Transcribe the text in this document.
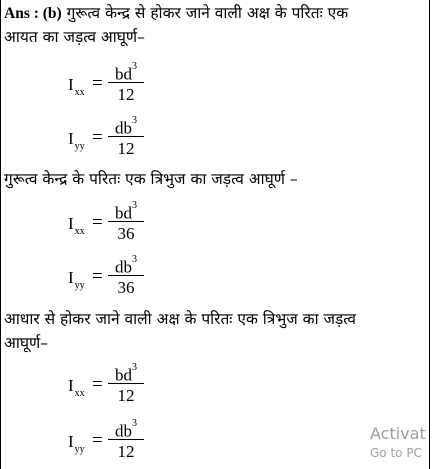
Ans : (b) गुरूत्व केन्द्र से होकर जाने वाली अक्ष के परितः एक
आयत का जड़त्व आघूर्ण–
$I_{xx} = bd^3$
12
$I_{yy} = db^3$
12
गुरूत्व केन्द्र के परितः एक त्रिभुज का जड़त्व आघूर्ण –
$I_{xx} = bd^3$
36
$I_{yy} = db^3$
36
आधार से होकर जाने वाली अक्ष के परितः एक त्रिभुज का जड़त्व
आघूर्ण–
$I_{xx} = bd^3$
12
$I_{yy} = db^3$
12
Activat
Go to PC
